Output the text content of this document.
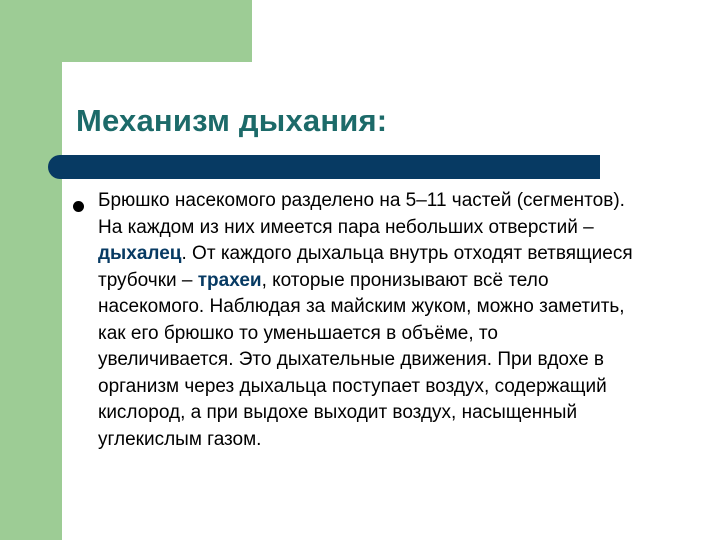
Механизм дыхания:

Брюшко насекомого разделено на 5–11 частей (сегментов). На каждом из них имеется пара небольших отверстий – дыхалец. От каждого дыхальца внутрь отходят ветвящиеся трубочки – трахеи, которые пронизывают всё тело насекомого. Наблюдая за майским жуком, можно заметить, как его брюшко то уменьшается в объёме, то увеличивается. Это дыхательные движения. При вдохе в организм через дыхальца поступает воздух, содержащий кислород, а при выдохе выходит воздух, насыщенный углекислым газом.
